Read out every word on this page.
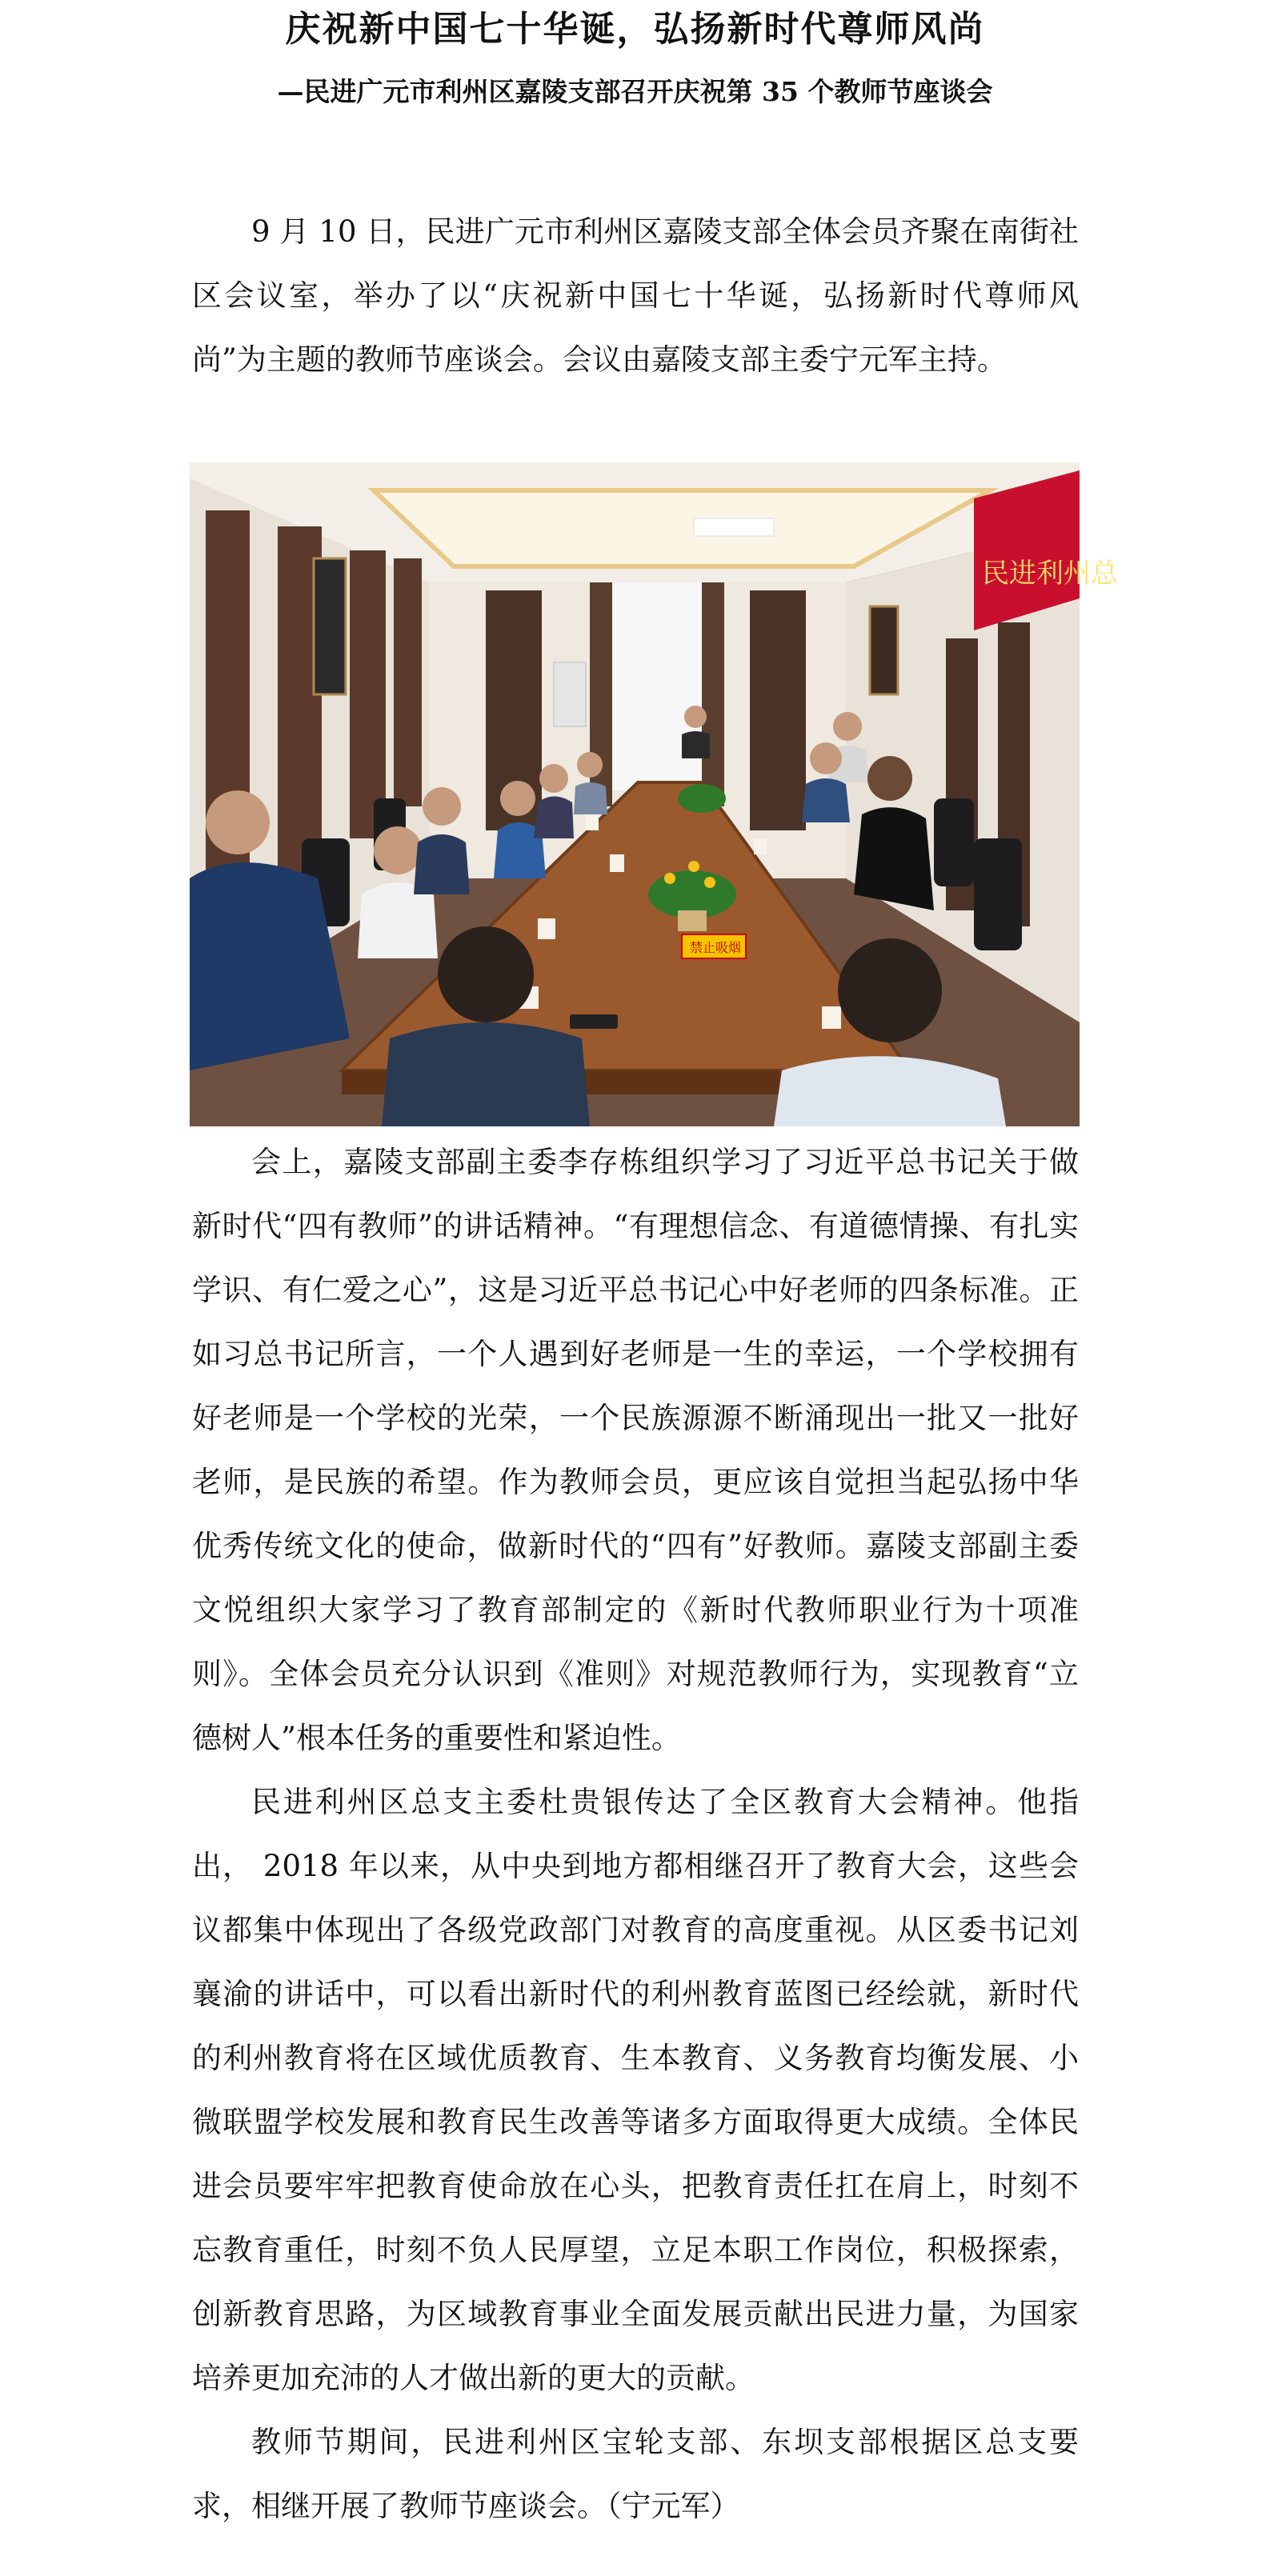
庆祝新中国七十华诞，弘扬新时代尊师风尚
—民进广元市利州区嘉陵支部召开庆祝第 35 个教师节座谈会

9 月 10 日，民进广元市利州区嘉陵支部全体会员齐聚在南街社区会议室，举办了以“庆祝新中国七十华诞，弘扬新时代尊师风尚”为主题的教师节座谈会。会议由嘉陵支部主委宁元军主持。

民进利州总
禁止吸烟

会上，嘉陵支部副主委李存栋组织学习了习近平总书记关于做新时代“四有教师”的讲话精神。“有理想信念、有道德情操、有扎实学识、有仁爱之心”，这是习近平总书记心中好老师的四条标准。正如习总书记所言，一个人遇到好老师是一生的幸运，一个学校拥有好老师是一个学校的光荣，一个民族源源不断涌现出一批又一批好老师，是民族的希望。作为教师会员，更应该自觉担当起弘扬中华优秀传统文化的使命，做新时代的“四有”好教师。嘉陵支部副主委文悦组织大家学习了教育部制定的《新时代教师职业行为十项准则》。全体会员充分认识到《准则》对规范教师行为，实现教育“立德树人”根本任务的重要性和紧迫性。

民进利州区总支主委杜贵银传达了全区教育大会精神。他指出， 2018 年以来，从中央到地方都相继召开了教育大会，这些会议都集中体现出了各级党政部门对教育的高度重视。从区委书记刘襄渝的讲话中，可以看出新时代的利州教育蓝图已经绘就，新时代的利州教育将在区域优质教育、生本教育、义务教育均衡发展、小微联盟学校发展和教育民生改善等诸多方面取得更大成绩。全体民进会员要牢牢把教育使命放在心头，把教育责任扛在肩上，时刻不忘教育重任，时刻不负人民厚望，立足本职工作岗位，积极探索，创新教育思路，为区域教育事业全面发展贡献出民进力量，为国家培养更加充沛的人才做出新的更大的贡献。

教师节期间，民进利州区宝轮支部、东坝支部根据区总支要求，相继开展了教师节座谈会。（宁元军）
